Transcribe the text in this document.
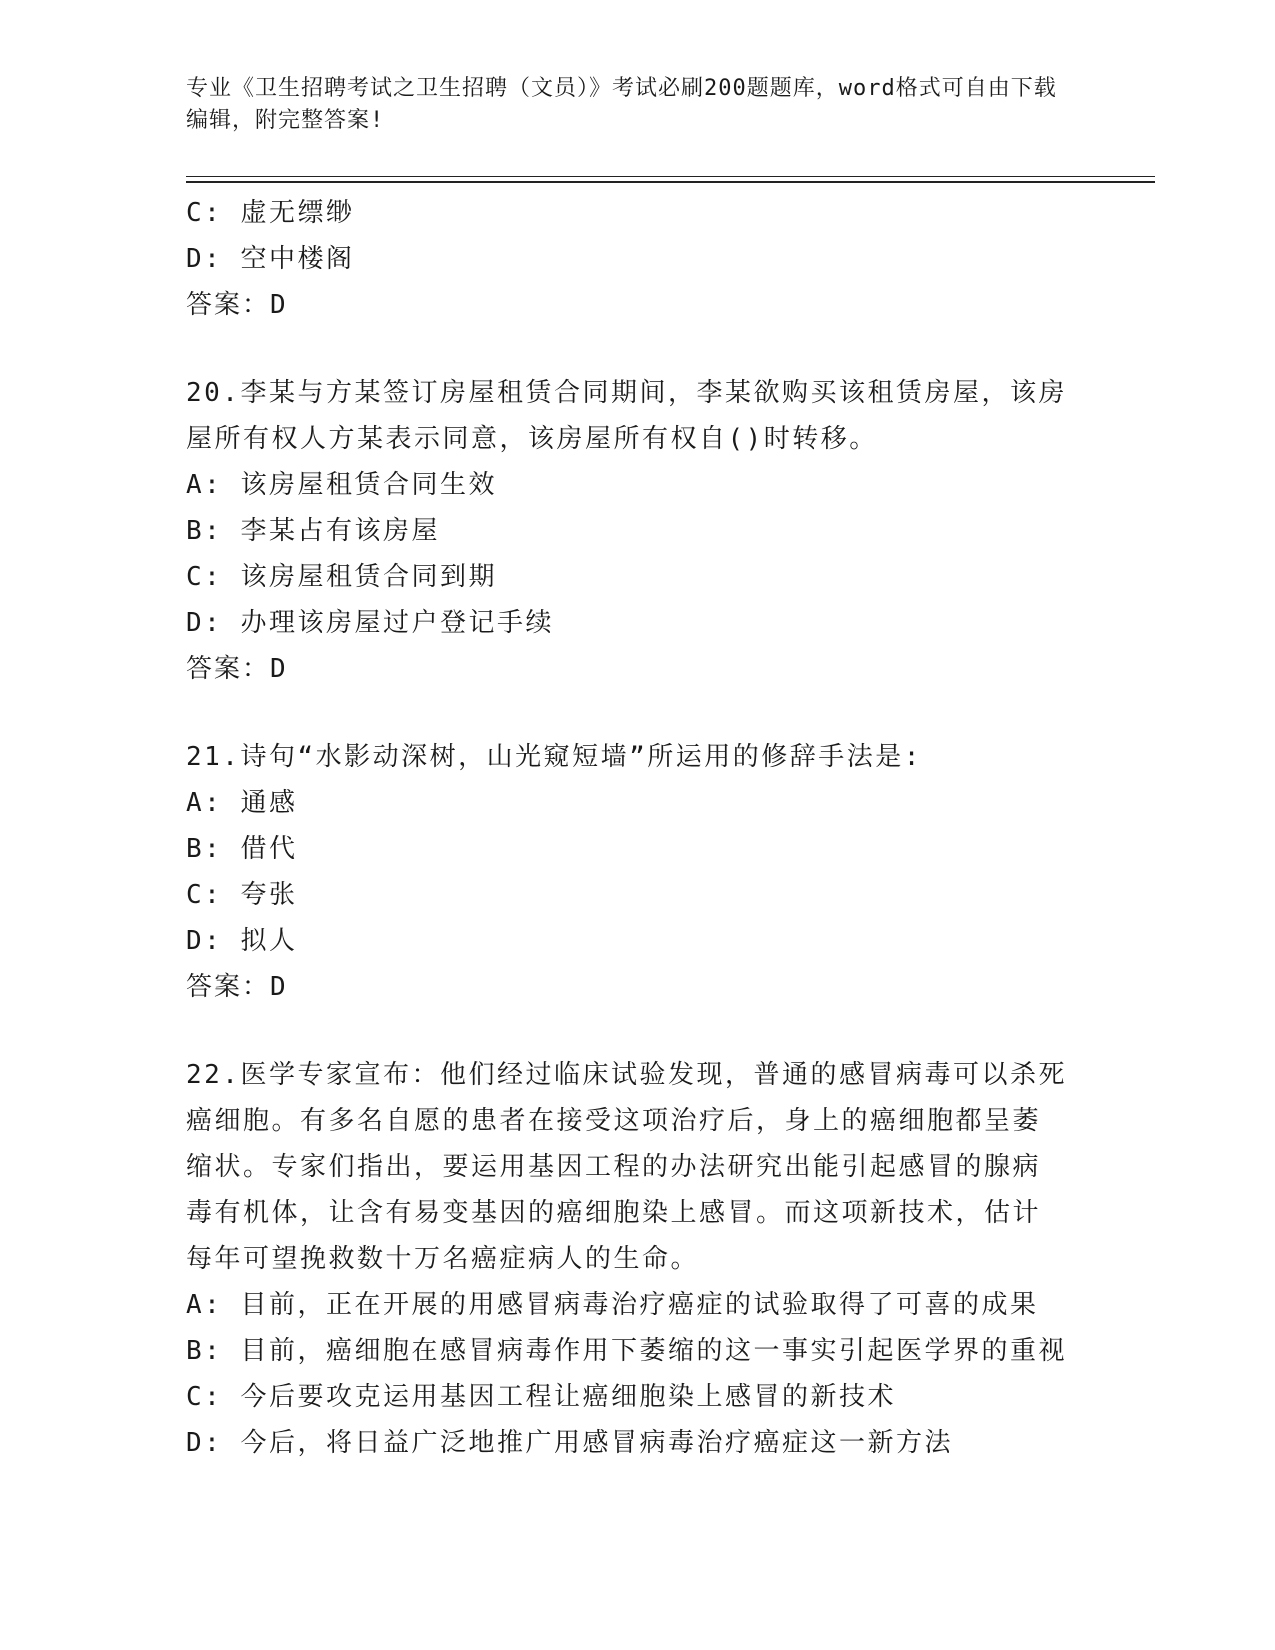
专业《卫生招聘考试之卫生招聘（文员）》考试必刷200题题库，word格式可自由下载编辑，附完整答案!
C: 虚无缥缈
D: 空中楼阁
答案：D
20.李某与方某签订房屋租赁合同期间，李某欲购买该租赁房屋，该房
屋所有权人方某表示同意，该房屋所有权自()时转移。
A: 该房屋租赁合同生效
B: 李某占有该房屋
C: 该房屋租赁合同到期
D: 办理该房屋过户登记手续
答案：D
21.诗句“水影动深树，山光窥短墙”所运用的修辞手法是:
A: 通感
B: 借代
C: 夸张
D: 拟人
答案：D
22.医学专家宣布：他们经过临床试验发现，普通的感冒病毒可以杀死
癌细胞。有多名自愿的患者在接受这项治疗后，身上的癌细胞都呈萎
缩状。专家们指出，要运用基因工程的办法研究出能引起感冒的腺病
毒有机体，让含有易变基因的癌细胞染上感冒。而这项新技术，估计
每年可望挽救数十万名癌症病人的生命。
A: 目前，正在开展的用感冒病毒治疗癌症的试验取得了可喜的成果
B: 目前，癌细胞在感冒病毒作用下萎缩的这一事实引起医学界的重视
C: 今后要攻克运用基因工程让癌细胞染上感冒的新技术
D: 今后，将日益广泛地推广用感冒病毒治疗癌症这一新方法
